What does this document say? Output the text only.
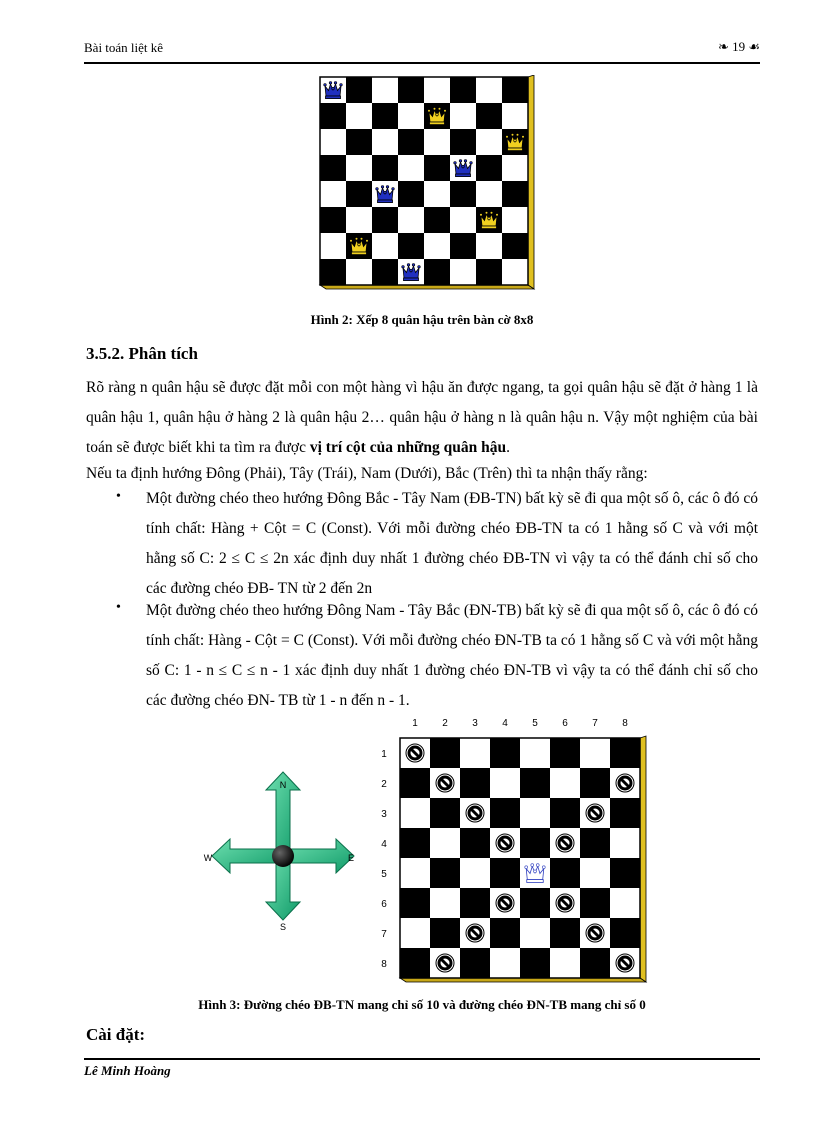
Bài toán liệt kê	❧ 19 ☙
Hình 2: Xếp 8 quân hậu trên bàn cờ 8x8
3.5.2. Phân tích
Rõ ràng n quân hậu sẽ được đặt mỗi con một hàng vì hậu ăn được ngang, ta gọi quân hậu sẽ đặt ở hàng 1 là quân hậu 1, quân hậu ở hàng 2 là quân hậu 2… quân hậu ở hàng n là quân hậu n. Vậy một nghiệm của bài toán sẽ được biết khi ta tìm ra được vị trí cột của những quân hậu.
Nếu ta định hướng Đông (Phải), Tây (Trái), Nam (Dưới), Bắc (Trên) thì ta nhận thấy rằng:
• Một đường chéo theo hướng Đông Bắc - Tây Nam (ĐB-TN) bất kỳ sẽ đi qua một số ô, các ô đó có tính chất: Hàng + Cột = C (Const). Với mỗi đường chéo ĐB-TN ta có 1 hằng số C và với một hằng số C: 2 ≤ C ≤ 2n xác định duy nhất 1 đường chéo ĐB-TN vì vậy ta có thể đánh chỉ số cho các đường chéo ĐB- TN từ 2 đến 2n
• Một đường chéo theo hướng Đông Nam - Tây Bắc (ĐN-TB) bất kỳ sẽ đi qua một số ô, các ô đó có tính chất: Hàng - Cột = C (Const). Với mỗi đường chéo ĐN-TB ta có 1 hằng số C và với một hằng số C: 1 - n ≤ C ≤ n - 1 xác định duy nhất 1 đường chéo ĐN-TB vì vậy ta có thể đánh chỉ số cho các đường chéo ĐN- TB từ 1 - n đến n - 1.
N
S
E
W
1 2 3 4 5 6 7 8
1
2
3
4
5
6
7
8
Hình 3: Đường chéo ĐB-TN mang chỉ số 10 và đường chéo ĐN-TB mang chỉ số 0
Cài đặt:
Lê Minh Hoàng
